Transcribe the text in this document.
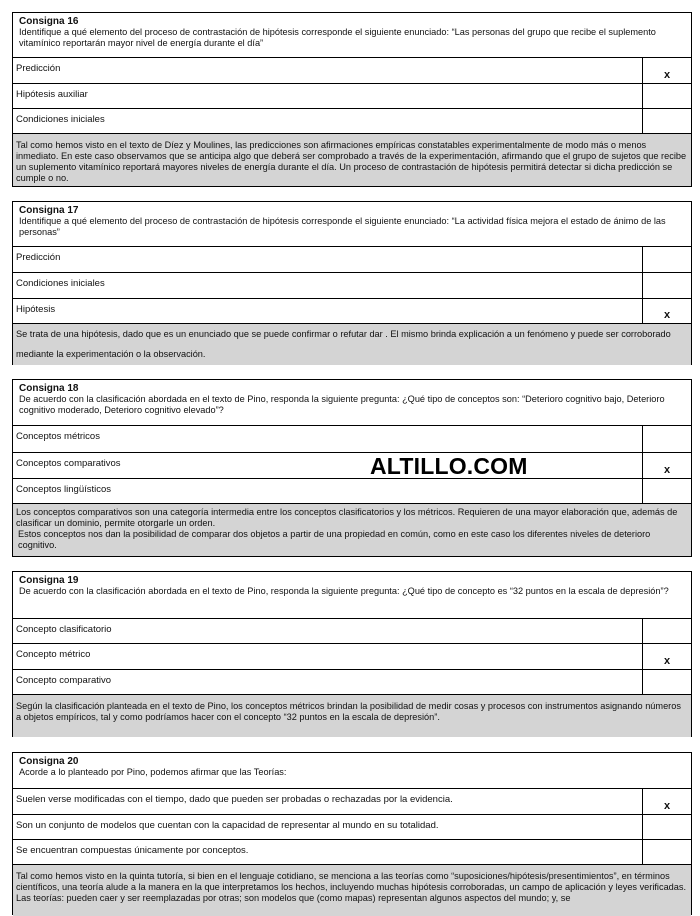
Consigna 16
Identifique a qué elemento del proceso de contrastación de hipótesis corresponde el siguiente enunciado: “Las personas del grupo que recibe el suplemento vitamínico reportarán mayor nivel de energía durante el día”
Predicción
x
Hipótesis auxiliar
Condiciones iniciales
Tal como hemos visto en el texto de Díez y Moulines, las predicciones son afirmaciones empíricas constatables experimentalmente de modo más o menos inmediato. En este caso observamos que se anticipa algo que deberá ser comprobado a través de la experimentación, afirmando que el grupo de sujetos que recibe un suplemento vitamínico reportará mayores niveles de energía durante el día. Un proceso de contrastación de hipótesis permitirá detectar si dicha predicción se cumple o no.
Consigna 17
Identifique a qué elemento del proceso de contrastación de hipótesis corresponde el siguiente enunciado: “La actividad física mejora el estado de ánimo de las personas”
Predicción
Condiciones iniciales
Hipótesis	x
Se trata de una hipótesis, dado que es un enunciado que se puede confirmar o refutar dar . El mismo brinda explicación a un fenómeno y puede ser corroborado mediante la experimentación o la observación.
Consigna 18
De acuerdo con la clasificación abordada en el texto de Pino, responda la siguiente pregunta: ¿Qué tipo de conceptos son: “Deterioro cognitivo bajo, Deterioro cognitivo moderado, Deterioro cognitivo elevado”?
Conceptos métricos
Conceptos comparativos
x
Conceptos lingüísticos
Los conceptos comparativos son una categoría intermedia entre los conceptos clasificatorios y los métricos. Requieren de una mayor elaboración que, además de clasificar un dominio, permite otorgarle un orden.
Estos conceptos nos dan la posibilidad de comparar dos objetos a partir de una propiedad en común, como en este caso los diferentes niveles de deterioro cognitivo.
Consigna 19
De acuerdo con la clasificación abordada en el texto de Pino, responda la siguiente pregunta: ¿Qué tipo de concepto es “32 puntos en la escala de depresión”?
Concepto clasificatorio
Concepto métrico
x
Concepto comparativo
Según la clasificación planteada en el texto de Pino, los conceptos métricos brindan la posibilidad de medir cosas y procesos con instrumentos asignando números a objetos empíricos, tal y como podríamos hacer con el concepto “32 puntos en la escala de depresión”.
Consigna 20
Acorde a lo planteado por Pino, podemos afirmar que las Teorías:
Suelen verse modificadas con el tiempo, dado que pueden ser probadas o rechazadas por la evidencia.
x
Son un conjunto de modelos que cuentan con la capacidad de representar al mundo en su totalidad.
Se encuentran compuestas únicamente por conceptos.
Tal como hemos visto en la quinta tutoría, si bien en el lenguaje cotidiano, se menciona a las teorías como “suposiciones/hipótesis/presentimientos”, en términos científicos, una teoría alude a la manera en la que interpretamos los hechos, incluyendo muchas hipótesis corroboradas, un campo de aplicación y leyes verificadas. Las teorías: pueden caer y ser reemplazadas por otras; son modelos que (como mapas) representan algunos aspectos del mundo; y, se
ALTILLO.COM
